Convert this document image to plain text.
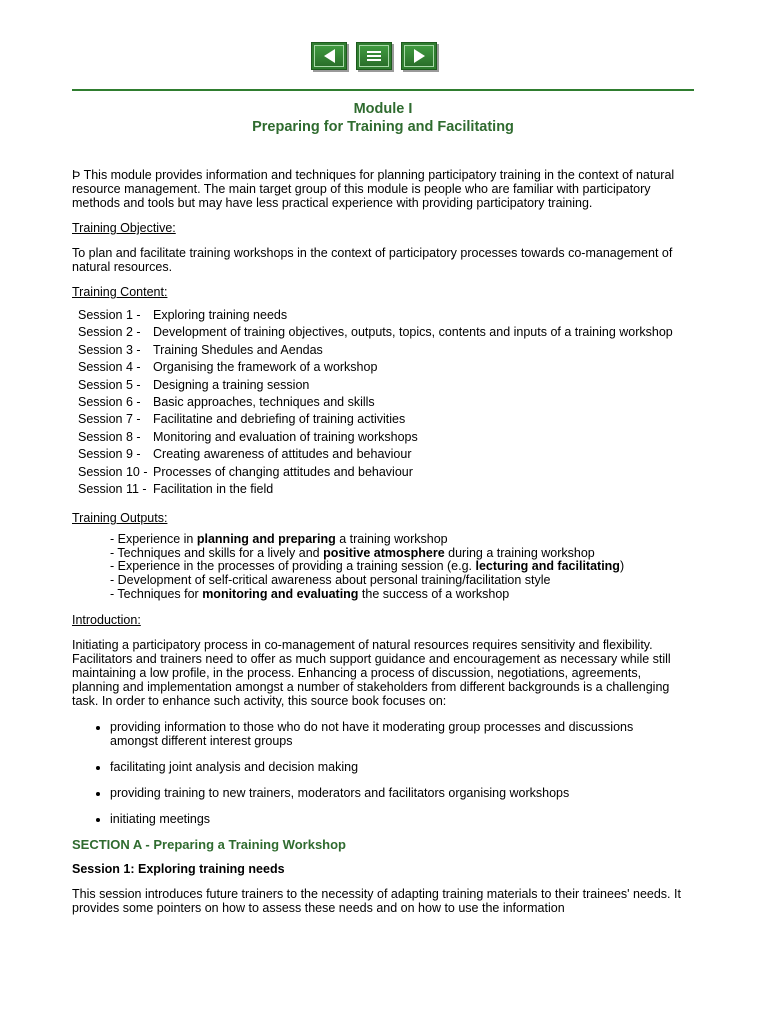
Module I
Preparing for Training and Facilitating

Þ This module provides information and techniques for planning participatory training in the context of natural resource management. The main target group of this module is people who are familiar with participatory methods and tools but may have less practical experience with providing participatory training.

Training Objective:

To plan and facilitate training workshops in the context of participatory processes towards co-management of natural resources.

Training Content:

Session 1 -	Exploring training needs
Session 2 -	Development of training objectives, outputs, topics, contents and inputs of a training workshop
Session 3 -	Training Shedules and Aendas
Session 4 -	Organising the framework of a workshop
Session 5 -	Designing a training session
Session 6 -	Basic approaches, techniques and skills
Session 7 -	Facilitatine and debriefing of training activities
Session 8 -	Monitoring and evaluation of training workshops
Session 9 -	Creating awareness of attitudes and behaviour
Session 10 -	Processes of changing attitudes and behaviour
Session 11 -	Facilitation in the field

Training Outputs:

- Experience in planning and preparing a training workshop
- Techniques and skills for a lively and positive atmosphere during a training workshop
- Experience in the processes of providing a training session (e.g. lecturing and facilitating)
- Development of self-critical awareness about personal training/facilitation style
- Techniques for monitoring and evaluating the success of a workshop

Introduction:

Initiating a participatory process in co-management of natural resources requires sensitivity and flexibility. Facilitators and trainers need to offer as much support guidance and encouragement as necessary while still maintaining a low profile, in the process. Enhancing a process of discussion, negotiations, agreements, planning and implementation amongst a number of stakeholders from different backgrounds is a challenging task. In order to enhance such activity, this source book focuses on:

• providing information to those who do not have it moderating group processes and discussions amongst different interest groups
• facilitating joint analysis and decision making
• providing training to new trainers, moderators and facilitators organising workshops
• initiating meetings

SECTION A - Preparing a Training Workshop

Session 1: Exploring training needs

This session introduces future trainers to the necessity of adapting training materials to their trainees' needs. It provides some pointers on how to assess these needs and on how to use the information
